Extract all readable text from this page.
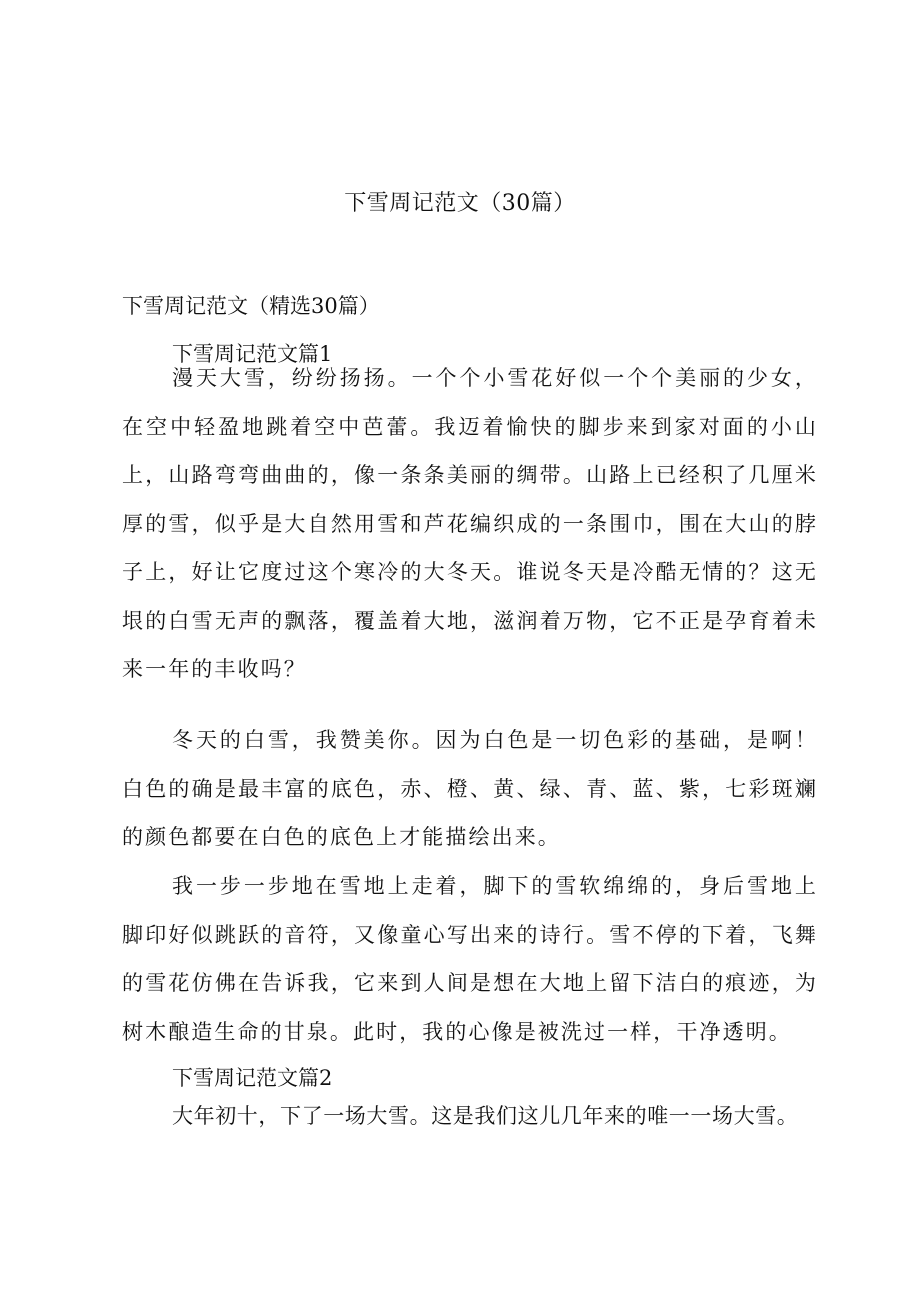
下雪周记范文（30篇）

下雪周记范文（精选30篇）

下雪周记范文篇1

漫天大雪，纷纷扬扬。一个个小雪花好似一个个美丽的少女，在空中轻盈地跳着空中芭蕾。我迈着愉快的脚步来到家对面的小山上，山路弯弯曲曲的，像一条条美丽的绸带。山路上已经积了几厘米厚的雪，似乎是大自然用雪和芦花编织成的一条围巾，围在大山的脖子上，好让它度过这个寒冷的大冬天。谁说冬天是冷酷无情的？这无垠的白雪无声的飘落，覆盖着大地，滋润着万物，它不正是孕育着未来一年的丰收吗？

冬天的白雪，我赞美你。因为白色是一切色彩的基础，是啊！白色的确是最丰富的底色，赤、橙、黄、绿、青、蓝、紫，七彩斑斓的颜色都要在白色的底色上才能描绘出来。

我一步一步地在雪地上走着，脚下的雪软绵绵的，身后雪地上脚印好似跳跃的音符，又像童心写出来的诗行。雪不停的下着，飞舞的雪花仿佛在告诉我，它来到人间是想在大地上留下洁白的痕迹，为树木酿造生命的甘泉。此时，我的心像是被洗过一样，干净透明。

下雪周记范文篇2

大年初十，下了一场大雪。这是我们这儿几年来的唯一一场大雪。
